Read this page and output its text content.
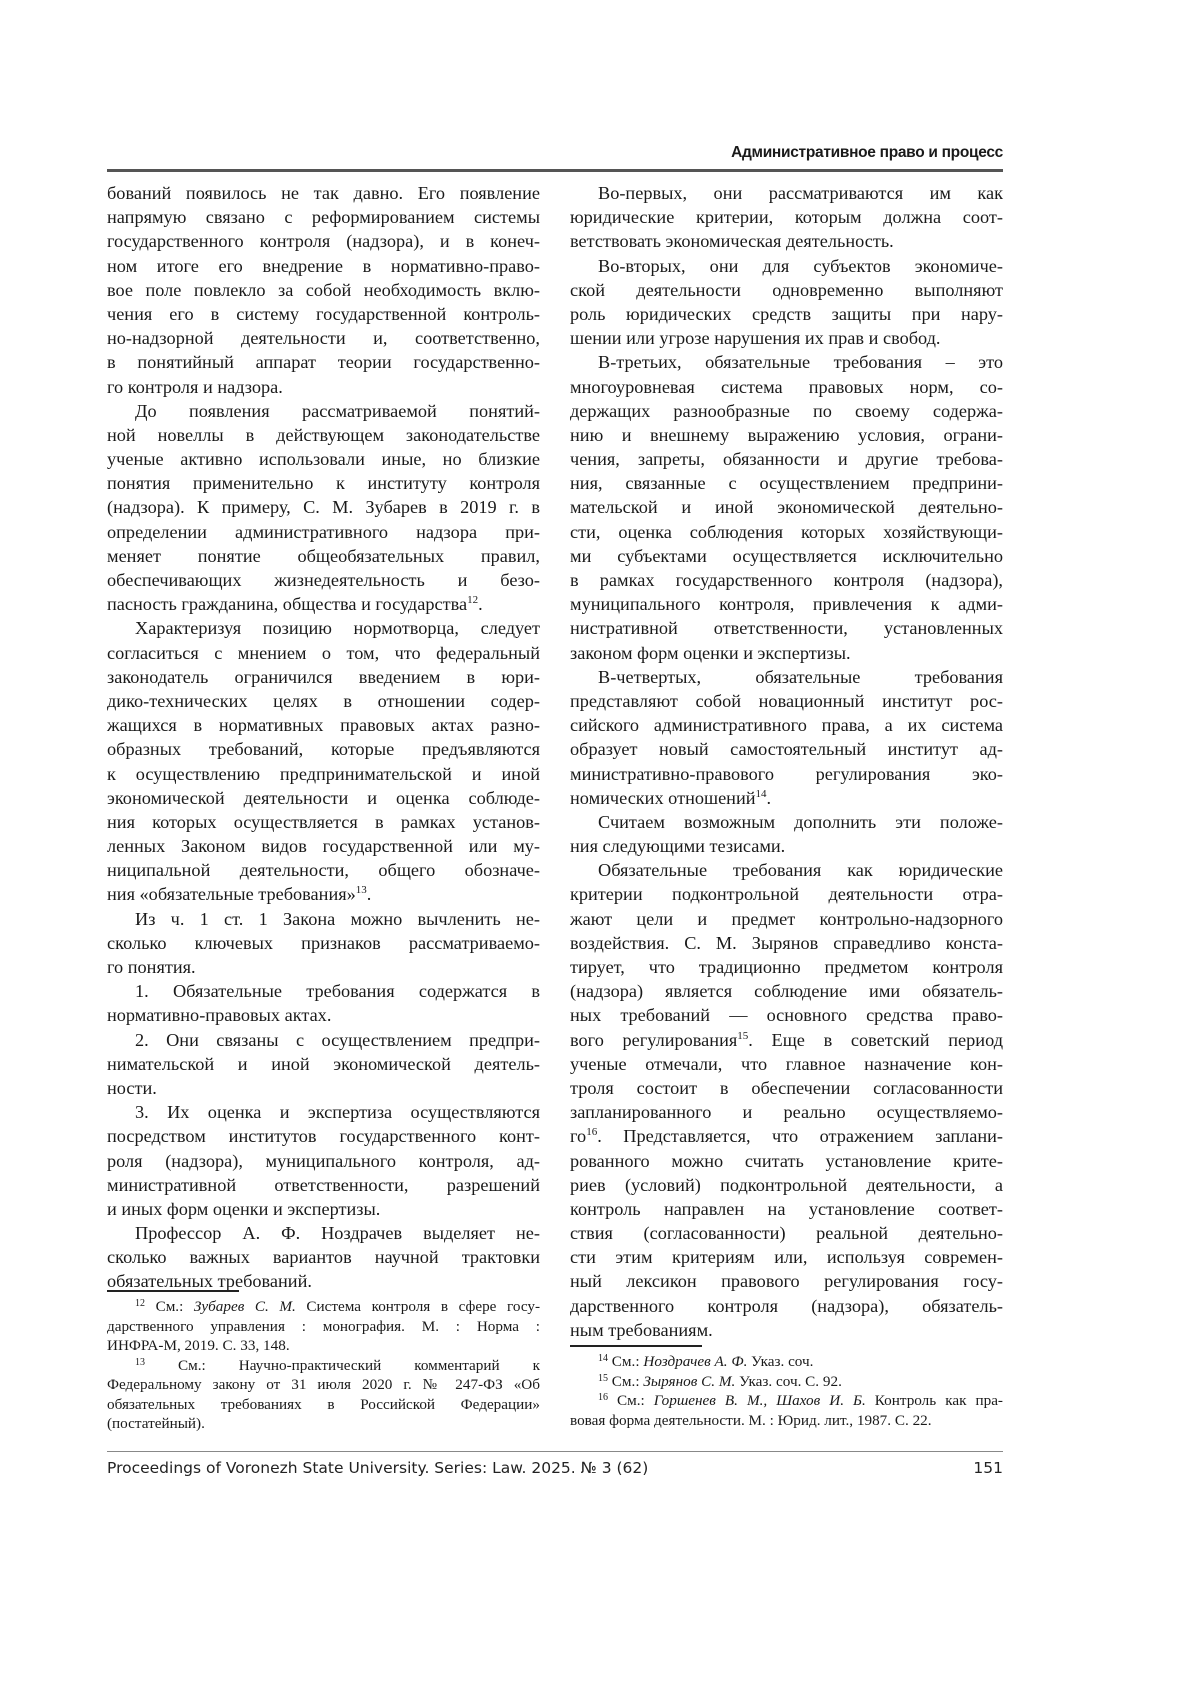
Административное право и процесс
бований появилось не так давно. Его появление
напрямую связано с реформированием системы
государственного контроля (надзора), и в конеч-
ном итоге его внедрение в нормативно-право-
вое поле повлекло за собой необходимость вклю-
чения его в систему государственной контроль-
но-надзорной деятельности и, соответственно,
в понятийный аппарат теории государственно-
го контроля и надзора.
До появления рассматриваемой понятий-
ной новеллы в действующем законодательстве
ученые активно использовали иные, но близкие
понятия применительно к институту контроля
(надзора). К примеру, С. М. Зубарев в 2019 г. в
определении административного надзора при-
меняет понятие общеобязательных правил,
обеспечивающих жизнедеятельность и безо-
пасность гражданина, общества и государства12.
Характеризуя позицию нормотворца, следует
согласиться с мнением о том, что федеральный
законодатель ограничился введением в юри-
дико-технических целях в отношении содер-
жащихся в нормативных правовых актах разно-
образных требований, которые предъявляются
к осуществлению предпринимательской и иной
экономической деятельности и оценка соблюде-
ния которых осуществляется в рамках установ-
ленных Законом видов государственной или му-
ниципальной деятельности, общего обозначе-
ния «обязательные требования»13.
Из ч. 1 ст. 1 Закона можно вычленить не-
сколько ключевых признаков рассматриваемо-
го понятия.
1. Обязательные требования содержатся в
нормативно-правовых актах.
2. Они связаны с осуществлением предпри-
нимательской и иной экономической деятель-
ности.
3. Их оценка и экспертиза осуществляются
посредством институтов государственного конт-
роля (надзора), муниципального контроля, ад-
министративной ответственности, разрешений
и иных форм оценки и экспертизы.
Профессор А. Ф. Ноздрачев выделяет не-
сколько важных вариантов научной трактовки
обязательных требований.
Во-первых, они рассматриваются им как
юридические критерии, которым должна соот-
ветствовать экономическая деятельность.
Во-вторых, они для субъектов экономиче-
ской деятельности одновременно выполняют
роль юридических средств защиты при нару-
шении или угрозе нарушения их прав и свобод.
В-третьих, обязательные требования – это
многоуровневая система правовых норм, со-
держащих разнообразные по своему содержа-
нию и внешнему выражению условия, ограни-
чения, запреты, обязанности и другие требова-
ния, связанные с осуществлением предприни-
мательской и иной экономической деятельно-
сти, оценка соблюдения которых хозяйствующи-
ми субъектами осуществляется исключительно
в рамках государственного контроля (надзора),
муниципального контроля, привлечения к адми-
нистративной ответственности, установленных
законом форм оценки и экспертизы.
В-четвертых, обязательные требования
представляют собой новационный институт рос-
сийского административного права, а их система
образует новый самостоятельный институт ад-
министративно-правового регулирования эко-
номических отношений14.
Считаем возможным дополнить эти положе-
ния следующими тезисами.
Обязательные требования как юридические
критерии подконтрольной деятельности отра-
жают цели и предмет контрольно-надзорного
воздействия. С. М. Зырянов справедливо конста-
тирует, что традиционно предметом контроля
(надзора) является соблюдение ими обязатель-
ных требований — основного средства право-
вого регулирования15. Еще в советский период
ученые отмечали, что главное назначение кон-
троля состоит в обеспечении согласованности
запланированного и реально осуществляемо-
го16. Представляется, что отражением заплани-
рованного можно считать установление крите-
риев (условий) подконтрольной деятельности, а
контроль направлен на установление соответ-
ствия (согласованности) реальной деятельно-
сти этим критериям или, используя современ-
ный лексикон правового регулирования госу-
дарственного контроля (надзора), обязатель-
ным требованиям.
12 См.: Зубарев С. М. Система контроля в сфере госу-
дарственного управления : монография. М. : Норма :
ИНФРА-М, 2019. С. 33, 148.
13 См.: Научно-практический комментарий к
Федеральному закону от 31 июля 2020 г. № 247-ФЗ «Об
обязательных требованиях в Российской Федерации»
(постатейный).
14 См.: Ноздрачев А. Ф. Указ. соч.
15 См.: Зырянов С. М. Указ. соч. С. 92.
16 См.: Горшенев В. М., Шахов И. Б. Контроль как пра-
вовая форма деятельности. М. : Юрид. лит., 1987. С. 22.
Proceedings of Voronezh State University. Series: Law. 2025. № 3 (62)	151
